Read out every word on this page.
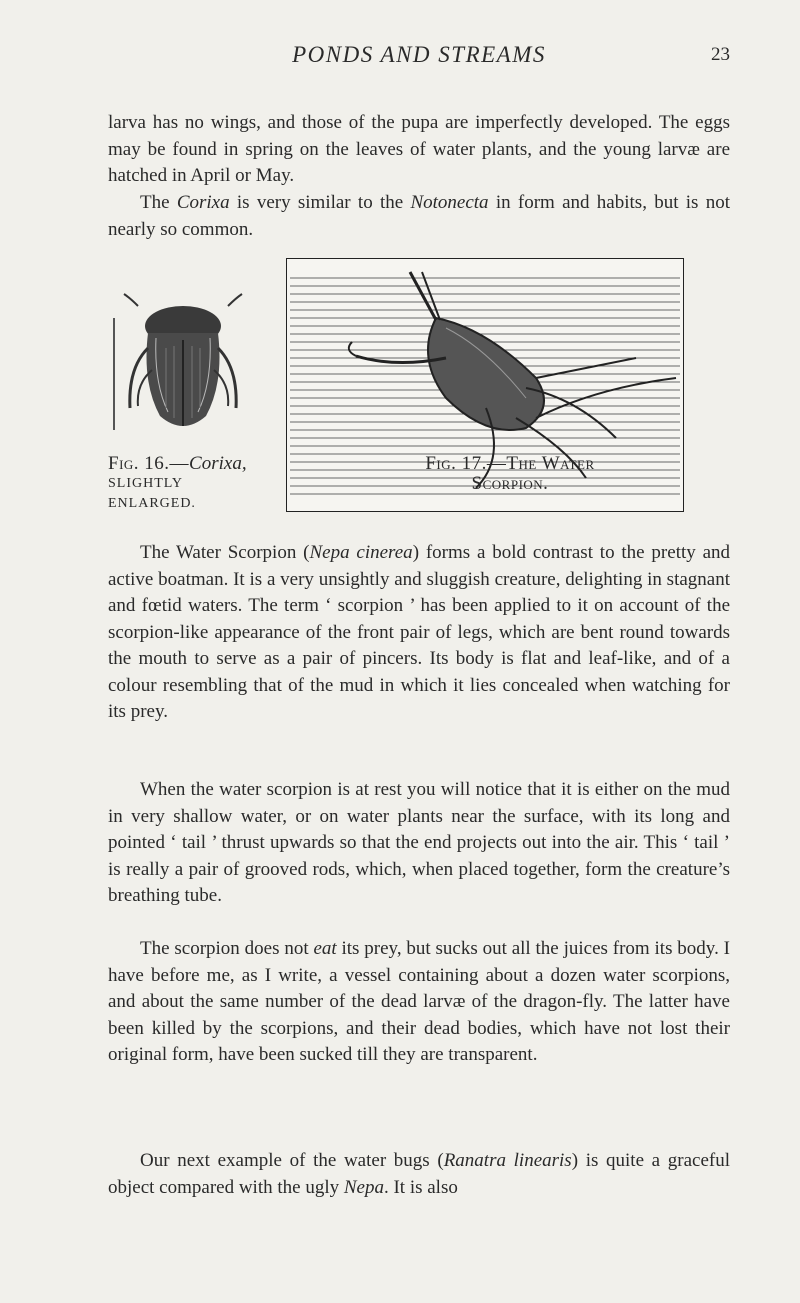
PONDS AND STREAMS	23

larva has no wings, and those of the pupa are imperfectly developed. The eggs may be found in spring on the leaves of water plants, and the young larvæ are hatched in April or May.

The Corixa is very similar to the Notonecta in form and habits, but is not nearly so common.

Fig. 16.—Corixa,
SLIGHTLY ENLARGED.
Fig. 17.—The Water
Scorpion.

The Water Scorpion (Nepa cinerea) forms a bold contrast to the pretty and active boatman. It is a very unsightly and sluggish creature, delighting in stagnant and fœtid waters. The term ‘ scorpion ’ has been applied to it on account of the scorpion-like appearance of the front pair of legs, which are bent round towards the mouth to serve as a pair of pincers. Its body is flat and leaf-like, and of a colour resembling that of the mud in which it lies concealed when watching for its prey.

When the water scorpion is at rest you will notice that it is either on the mud in very shallow water, or on water plants near the surface, with its long and pointed ‘ tail ’ thrust upwards so that the end projects out into the air. This ‘ tail ’ is really a pair of grooved rods, which, when placed together, form the creature’s breathing tube.

The scorpion does not eat its prey, but sucks out all the juices from its body. I have before me, as I write, a vessel containing about a dozen water scorpions, and about the same number of the dead larvæ of the dragon-fly. The latter have been killed by the scorpions, and their dead bodies, which have not lost their original form, have been sucked till they are transparent.

Our next example of the water bugs (Ranatra linearis) is quite a graceful object compared with the ugly Nepa. It is also
